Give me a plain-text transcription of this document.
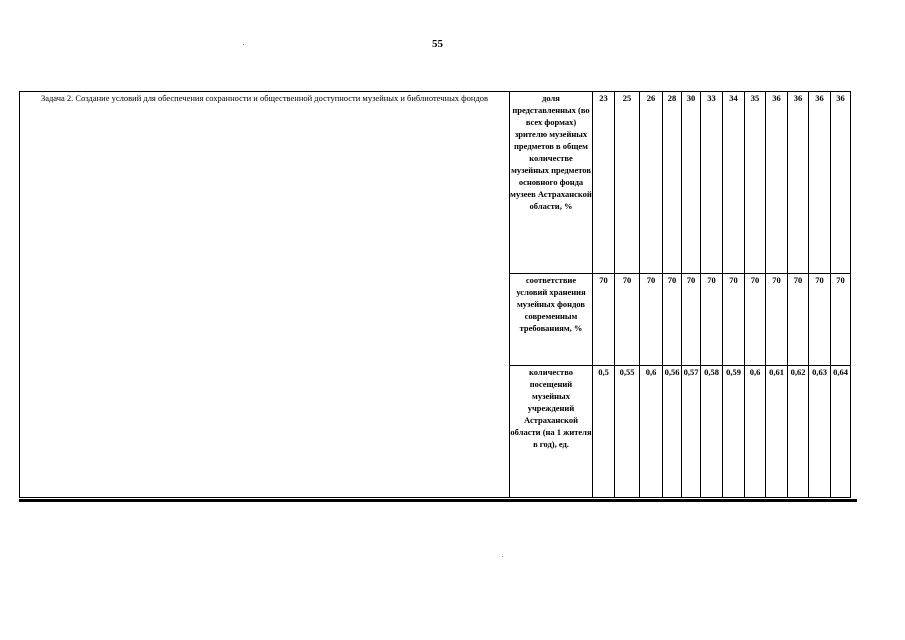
55
Задача 2. Создание условий для обеспечения сохранности и общественной доступности музейных и библиотечных фондов	доля представленных (во всех формах) зрителю музейных предметов в общем количестве музейных предметов основного фонда музеев Астраханской области, %	23	25	26	28	30	33	34	35	36	36	36	36
	соответствие условий хранения музейных фондов современным требованиям, %	70	70	70	70	70	70	70	70	70	70	70	70
	количество посещений музейных учреждений Астраханской области (на 1 жителя в год), ед.	0,5	0,55	0,6	0,56	0,57	0,58	0,59	0,6	0,61	0,62	0,63	0,64
